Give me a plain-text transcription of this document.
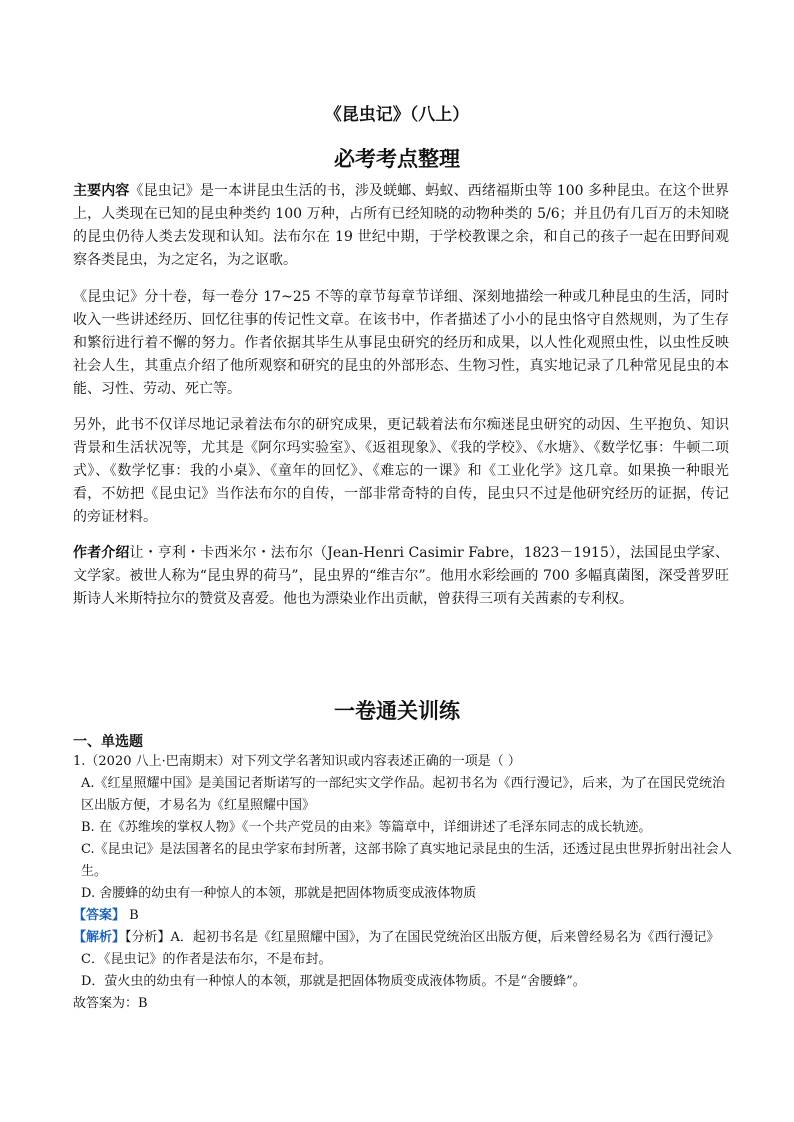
《昆虫记》（八上）
必考考点整理

主要内容《昆虫记》是一本讲昆虫生活的书，涉及蜣螂、蚂蚁、西绪福斯虫等 100 多种昆虫。在这个世界上，人类现在已知的昆虫种类约 100 万种，占所有已经知晓的动物种类的 5/6；并且仍有几百万的未知晓的昆虫仍待人类去发现和认知。法布尔在 19 世纪中期，于学校教课之余，和自己的孩子一起在田野间观察各类昆虫，为之定名，为之讴歌。

《昆虫记》分十卷，每一卷分 17~25 不等的章节每章节详细、深刻地描绘一种或几种昆虫的生活，同时收入一些讲述经历、回忆往事的传记性文章。在该书中，作者描述了小小的昆虫恪守自然规则，为了生存和繁衍进行着不懈的努力。作者依据其毕生从事昆虫研究的经历和成果，以人性化观照虫性，以虫性反映社会人生，其重点介绍了他所观察和研究的昆虫的外部形态、生物习性，真实地记录了几种常见昆虫的本能、习性、劳动、死亡等。

另外，此书不仅详尽地记录着法布尔的研究成果，更记载着法布尔痴迷昆虫研究的动因、生平抱负、知识背景和生活状况等，尤其是《阿尔玛实验室》、《返祖现象》、《我的学校》、《水塘》、《数学忆事：牛顿二项式》、《数学忆事：我的小桌》、《童年的回忆》、《难忘的一课》和《工业化学》这几章。如果换一种眼光看，不妨把《昆虫记》当作法布尔的自传，一部非常奇特的自传，昆虫只不过是他研究经历的证据，传记的旁证材料。

作者介绍让・亨利・卡西米尔・法布尔（Jean-Henri Casimir Fabre，1823－1915），法国昆虫学家、文学家。被世人称为“昆虫界的荷马”，昆虫界的“维吉尔”。他用水彩绘画的 700 多幅真菌图，深受普罗旺斯诗人米斯特拉尔的赞赏及喜爱。他也为漂染业作出贡献，曾获得三项有关茜素的专利权。

一卷通关训练
一、单选题

1.（2020 八上·巴南期末）对下列文学名著知识或内容表述正确的一项是（ ）

A.《红星照耀中国》是美国记者斯诺写的一部纪实文学作品。起初书名为《西行漫记》，后来，为了在国民党统治区出版方便，才易名为《红星照耀中国》

B. 在《苏维埃的掌权人物》《一个共产党员的由来》等篇章中，详细讲述了毛泽东同志的成长轨迹。

C.《昆虫记》是法国著名的昆虫学家布封所著，这部书除了真实地记录昆虫的生活，还透过昆虫世界折射出社会人生。

D. 舍腰蜂的幼虫有一种惊人的本领，那就是把固体物质变成液体物质

【答案】 B

【解析】【分析】A．起初书名是《红星照耀中国》，为了在国民党统治区出版方便，后来曾经易名为《西行漫记》

C．《昆虫记》的作者是法布尔，不是布封。

D．萤火虫的幼虫有一种惊人的本领，那就是把固体物质变成液体物质。不是“舍腰蜂”。

故答案为：B
